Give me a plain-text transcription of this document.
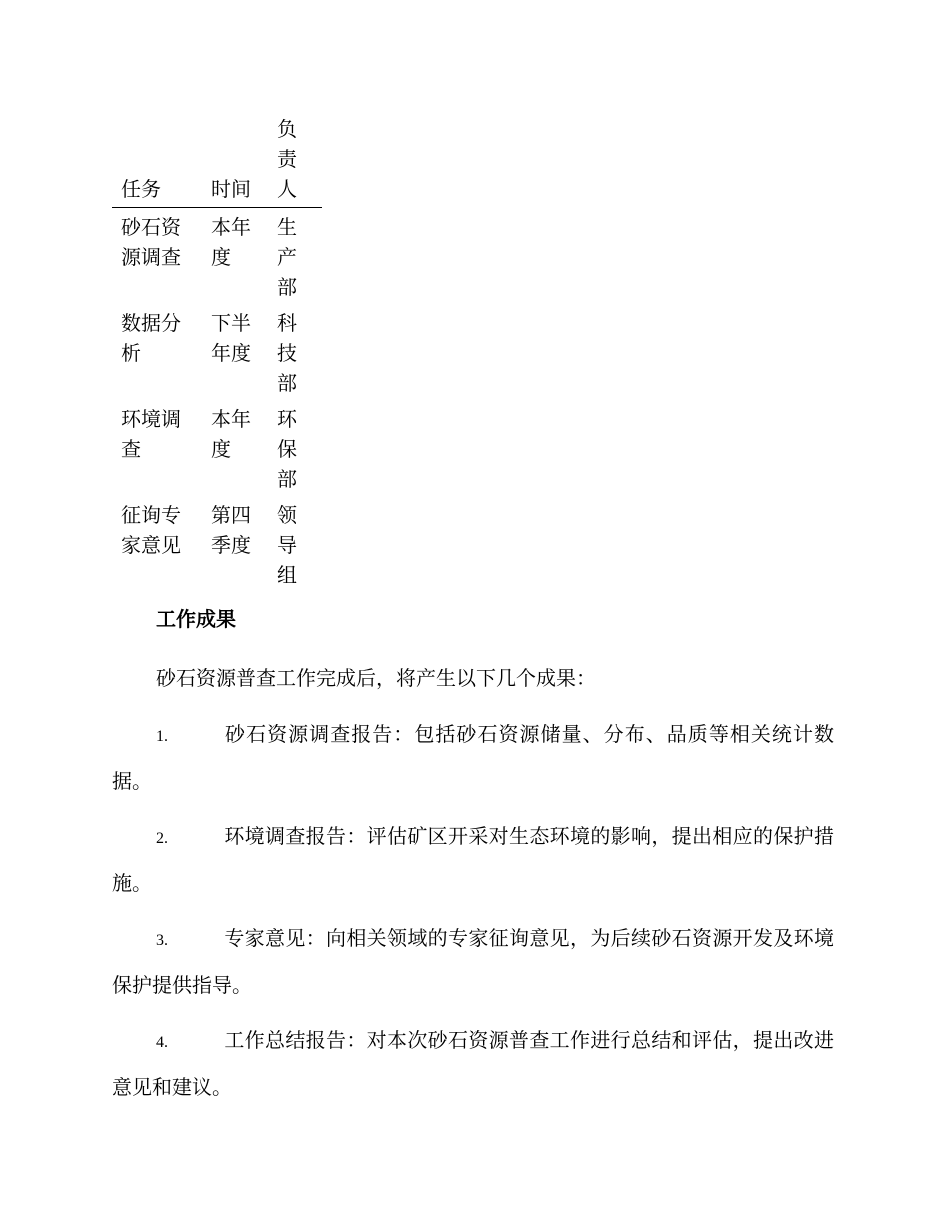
任务	时间	负责人

砂石资源调查	本年度	生产部

数据分析	下半年度	科技部

环境调查	本年度	环保部

征询专家意见	第四季度	领导组
工作成果

砂石资源普查工作完成后，将产生以下几个成果：

1.	砂石资源调查报告：包括砂石资源储量、分布、品质等相关统计数据。

2.	环境调查报告：评估矿区开采对生态环境的影响，提出相应的保护措施。

3.	专家意见：向相关领域的专家征询意见，为后续砂石资源开发及环境保护提供指导。

4.	工作总结报告：对本次砂石资源普查工作进行总结和评估，提出改进意见和建议。
